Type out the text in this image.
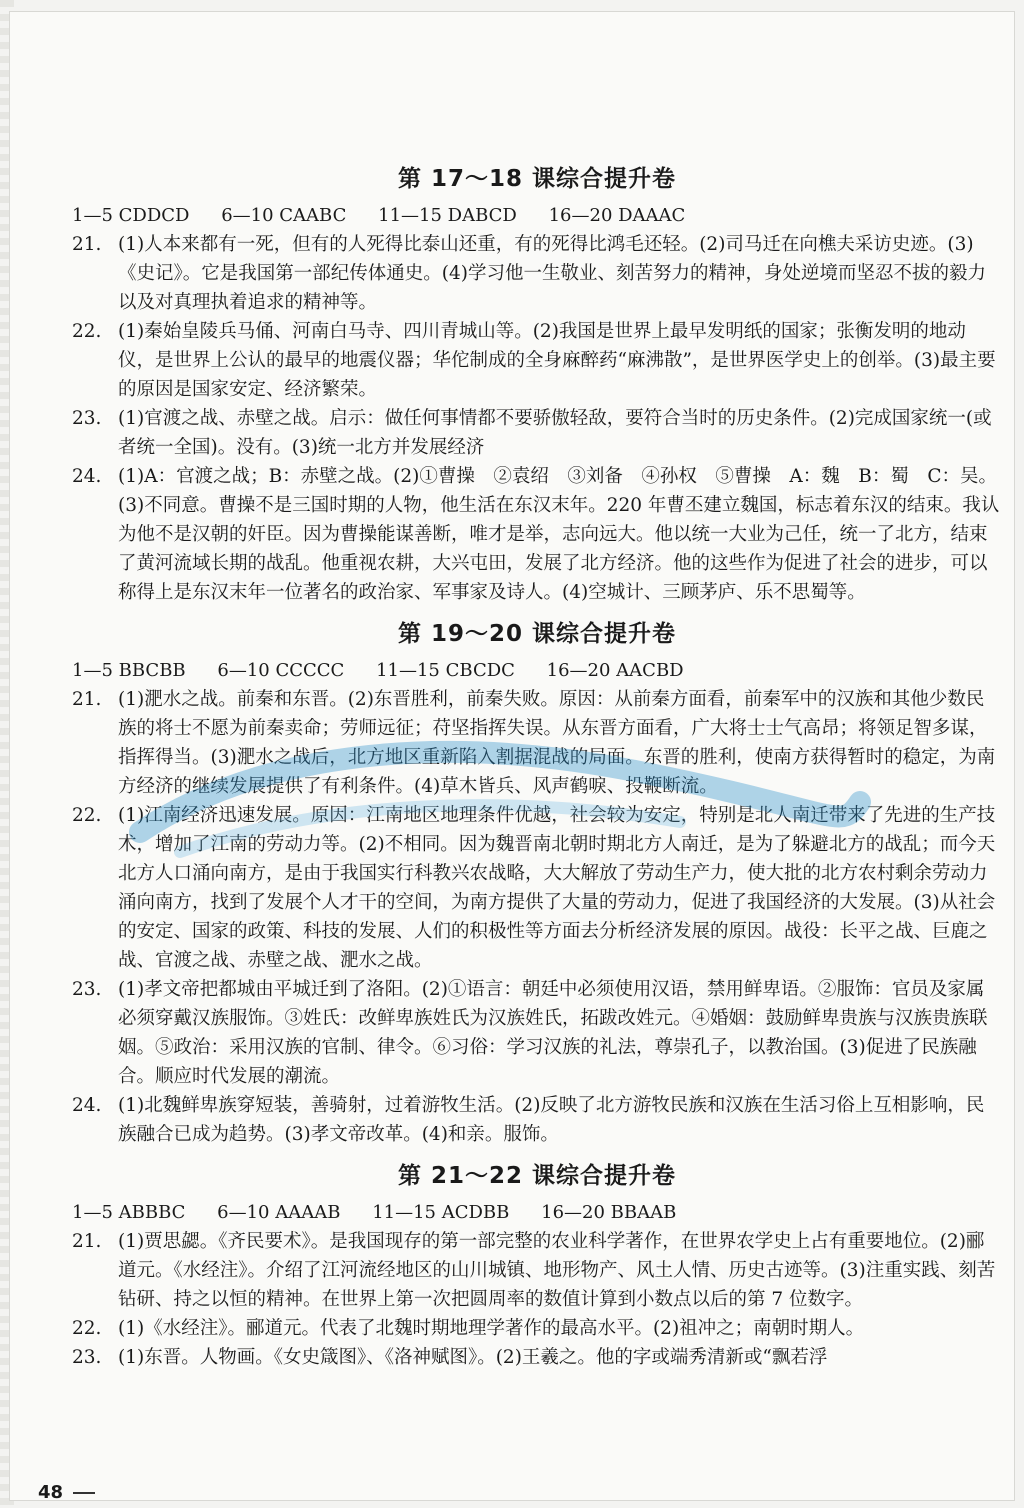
第 17～18 课综合提升卷
1—5 CDDCD 6—10 CAABC 11—15 DABCD 16—20 DAAAC

21. (1)人本来都有一死，但有的人死得比泰山还重，有的死得比鸿毛还轻。(2)司马迁在向樵夫采访史迹。(3)《史记》。它是我国第一部纪传体通史。(4)学习他一生敬业、刻苦努力的精神，身处逆境而坚忍不拔的毅力以及对真理执着追求的精神等。

22. (1)秦始皇陵兵马俑、河南白马寺、四川青城山等。(2)我国是世界上最早发明纸的国家；张衡发明的地动仪，是世界上公认的最早的地震仪器；华佗制成的全身麻醉药“麻沸散”，是世界医学史上的创举。(3)最主要的原因是国家安定、经济繁荣。

23. (1)官渡之战、赤壁之战。启示：做任何事情都不要骄傲轻敌，要符合当时的历史条件。(2)完成国家统一(或者统一全国)。没有。(3)统一北方并发展经济

24. (1)A：官渡之战；B：赤壁之战。(2)①曹操　②袁绍　③刘备　④孙权　⑤曹操　A：魏　B：蜀　C：吴。　(3)不同意。曹操不是三国时期的人物，他生活在东汉末年。220 年曹丕建立魏国，标志着东汉的结束。我认为他不是汉朝的奸臣。因为曹操能谋善断，唯才是举，志向远大。他以统一大业为己任，统一了北方，结束了黄河流域长期的战乱。他重视农耕，大兴屯田，发展了北方经济。他的这些作为促进了社会的进步，可以称得上是东汉末年一位著名的政治家、军事家及诗人。(4)空城计、三顾茅庐、乐不思蜀等。

第 19～20 课综合提升卷
1—5 BBCBB 6—10 CCCCC 11—15 CBCDC 16—20 AACBD

21. (1)淝水之战。前秦和东晋。(2)东晋胜利，前秦失败。原因：从前秦方面看，前秦军中的汉族和其他少数民族的将士不愿为前秦卖命；劳师远征；苻坚指挥失误。从东晋方面看，广大将士士气高昂；将领足智多谋，指挥得当。(3)淝水之战后，北方地区重新陷入割据混战的局面。东晋的胜利，使南方获得暂时的稳定，为南方经济的继续发展提供了有利条件。(4)草木皆兵、风声鹤唳、投鞭断流。

22. (1)江南经济迅速发展。原因：江南地区地理条件优越，社会较为安定，特别是北人南迁带来了先进的生产技术，增加了江南的劳动力等。(2)不相同。因为魏晋南北朝时期北方人南迁，是为了躲避北方的战乱；而今天北方人口涌向南方，是由于我国实行科教兴农战略，大大解放了劳动生产力，使大批的北方农村剩余劳动力涌向南方，找到了发展个人才干的空间，为南方提供了大量的劳动力，促进了我国经济的大发展。(3)从社会的安定、国家的政策、科技的发展、人们的积极性等方面去分析经济发展的原因。战役：长平之战、巨鹿之战、官渡之战、赤壁之战、淝水之战。

23. (1)孝文帝把都城由平城迁到了洛阳。(2)①语言：朝廷中必须使用汉语，禁用鲜卑语。②服饰：官员及家属必须穿戴汉族服饰。③姓氏：改鲜卑族姓氏为汉族姓氏，拓跋改姓元。④婚姻：鼓励鲜卑贵族与汉族贵族联姻。⑤政治：采用汉族的官制、律令。⑥习俗：学习汉族的礼法，尊崇孔子，以教治国。(3)促进了民族融合。顺应时代发展的潮流。

24. (1)北魏鲜卑族穿短装，善骑射，过着游牧生活。(2)反映了北方游牧民族和汉族在生活习俗上互相影响，民族融合已成为趋势。(3)孝文帝改革。(4)和亲。服饰。

第 21～22 课综合提升卷
1—5 ABBBC 6—10 AAAAB 11—15 ACDBB 16—20 BBAAB

21. (1)贾思勰。《齐民要术》。是我国现存的第一部完整的农业科学著作，在世界农学史上占有重要地位。(2)郦道元。《水经注》。介绍了江河流经地区的山川城镇、地形物产、风土人情、历史古迹等。(3)注重实践、刻苦钻研、持之以恒的精神。在世界上第一次把圆周率的数值计算到小数点以后的第 7 位数字。

22. (1)《水经注》。郦道元。代表了北魏时期地理学著作的最高水平。(2)祖冲之；南朝时期人。

23. (1)东晋。人物画。《女史箴图》、《洛神赋图》。(2)王羲之。他的字或端秀清新或“飘若浮

48
